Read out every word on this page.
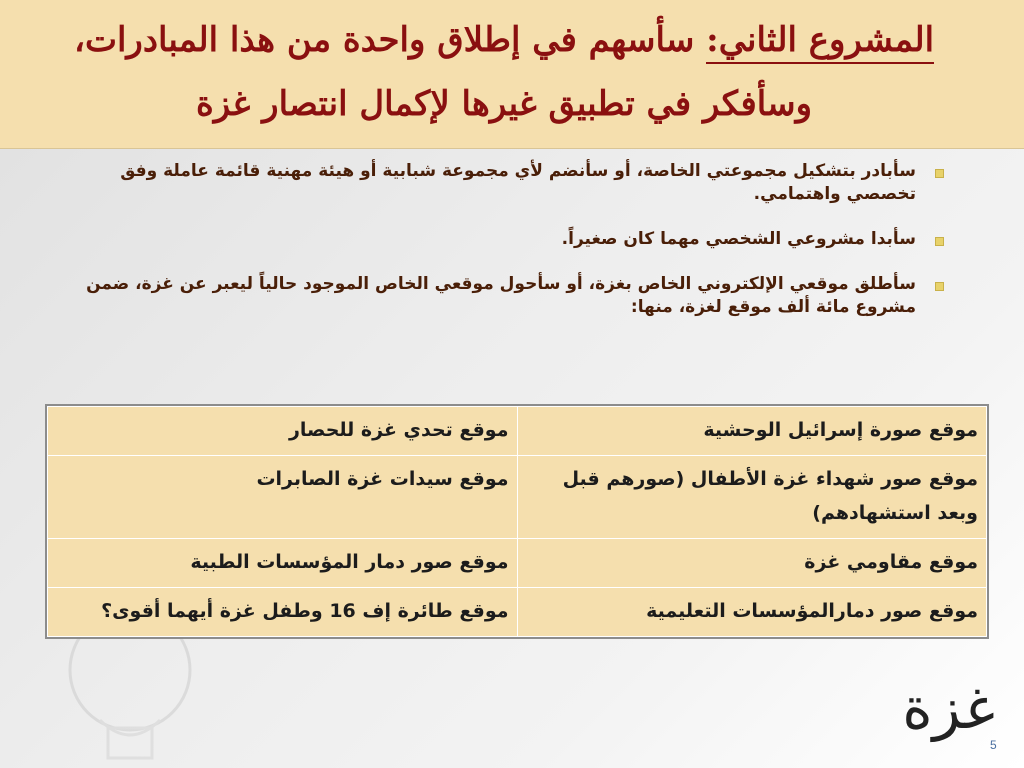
المشروع الثاني: سأسهم في إطلاق واحدة من هذا المبادرات، وسأفكر في تطبيق غيرها لإكمال انتصار غزة
سأبادر بتشكيل مجموعتي الخاصة، أو سأنضم لأي مجموعة شبابية أو هيئة مهنية قائمة عاملة وفق تخصصي واهتمامي.
سأبدا مشروعي الشخصي مهما كان صغيراً.
سأطلق موقعي الإلكتروني الخاص بغزة، أو سأحول موقعي الخاص الموجود حالياً ليعبر عن غزة، ضمن مشروع مائة ألف موقع لغزة، منها:
موقع صورة إسرائيل الوحشية	موقع تحدي غزة للحصار
موقع صور شهداء غزة الأطفال (صورهم قبل وبعد استشهادهم)	موقع سيدات غزة الصابرات
موقع مقاومي غزة	موقع صور دمار المؤسسات الطبية
موقع صور دمارالمؤسسات التعليمية	موقع طائرة إف 16 وطفل غزة أيهما أقوى؟
غزة
5
